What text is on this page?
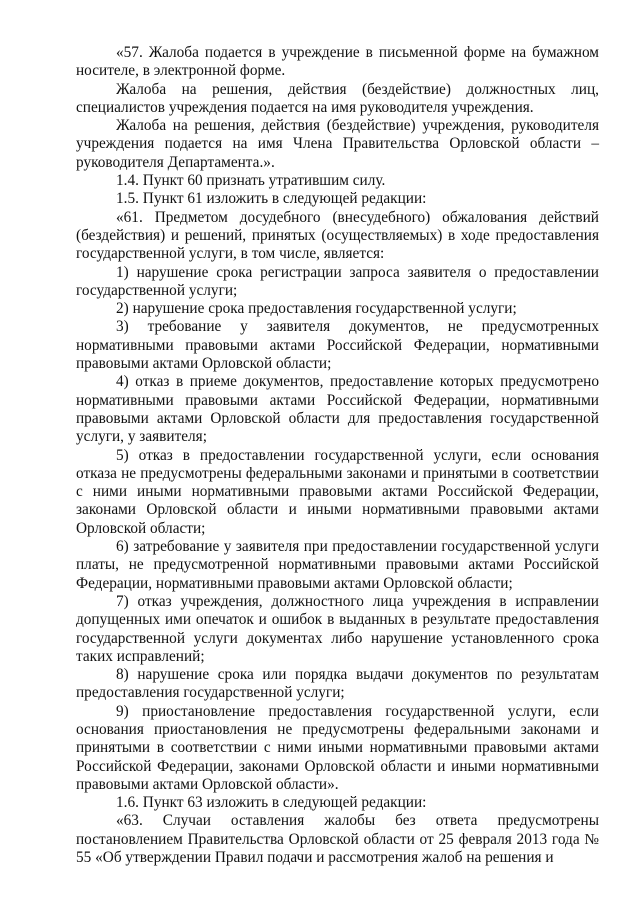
«57. Жалоба подается в учреждение в письменной форме на бумажном носителе, в электронной форме.

Жалоба на решения, действия (бездействие) должностных лиц, специалистов учреждения подается на имя руководителя учреждения.

Жалоба на решения, действия (бездействие) учреждения, руководителя учреждения подается на имя Члена Правительства Орловской области – руководителя Департамента.».

1.4. Пункт 60 признать утратившим силу.

1.5. Пункт 61 изложить в следующей редакции:

«61. Предметом досудебного (внесудебного) обжалования действий (бездействия) и решений, принятых (осуществляемых) в ходе предоставления государственной услуги, в том числе, является:

1) нарушение срока регистрации запроса заявителя о предоставлении государственной услуги;

2) нарушение срока предоставления государственной услуги;

3) требование у заявителя документов, не предусмотренных нормативными правовыми актами Российской Федерации, нормативными правовыми актами Орловской области;

4) отказ в приеме документов, предоставление которых предусмотрено нормативными правовыми актами Российской Федерации, нормативными правовыми актами Орловской области для предоставления государственной услуги, у заявителя;

5) отказ в предоставлении государственной услуги, если основания отказа не предусмотрены федеральными законами и принятыми в соответствии с ними иными нормативными правовыми актами Российской Федерации, законами Орловской области и иными нормативными правовыми актами Орловской области;

6) затребование у заявителя при предоставлении государственной услуги платы, не предусмотренной нормативными правовыми актами Российской Федерации, нормативными правовыми актами Орловской области;

7) отказ учреждения, должностного лица учреждения в исправлении допущенных ими опечаток и ошибок в выданных в результате предоставления государственной услуги документах либо нарушение установленного срока таких исправлений;

8) нарушение срока или порядка выдачи документов по результатам предоставления государственной услуги;

9) приостановление предоставления государственной услуги, если основания приостановления не предусмотрены федеральными законами и принятыми в соответствии с ними иными нормативными правовыми актами Российской Федерации, законами Орловской области и иными нормативными правовыми актами Орловской области».

1.6. Пункт 63 изложить в следующей редакции:

«63. Случаи оставления жалобы без ответа предусмотрены постановлением Правительства Орловской области от 25 февраля 2013 года № 55 «Об утверждении Правил подачи и рассмотрения жалоб на решения и
